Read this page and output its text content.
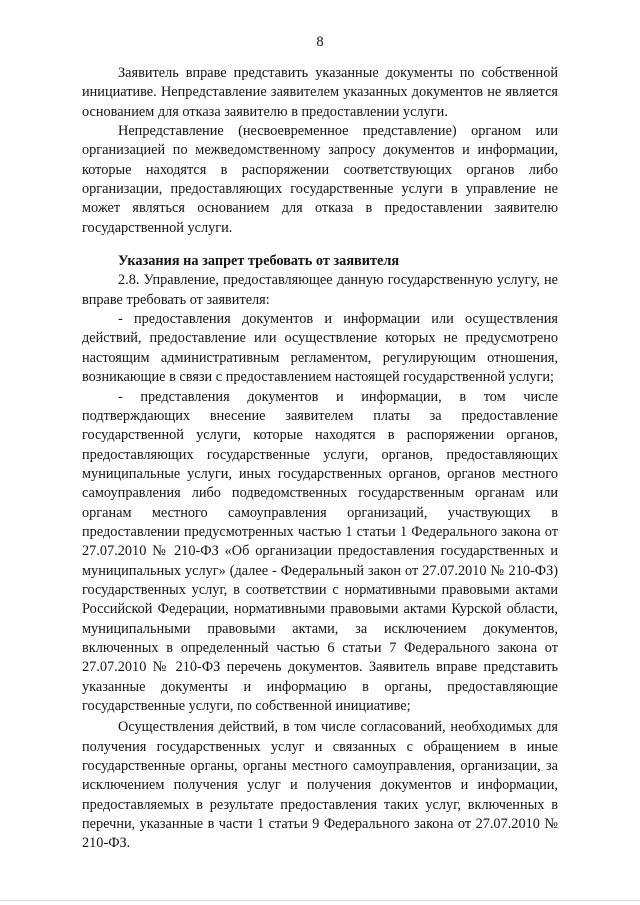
8

Заявитель вправе представить указанные документы по собственной инициативе. Непредставление заявителем указанных документов не является основанием для отказа заявителю в предоставлении услуги.

Непредставление (несвоевременное представление) органом или организацией по межведомственному запросу документов и информации, которые находятся в распоряжении соответствующих органов либо организации, предоставляющих государственные услуги в управление не может являться основанием для отказа в предоставлении заявителю государственной услуги.

Указания на запрет требовать от заявителя

2.8. Управление, предоставляющее данную государственную услугу, не вправе требовать от заявителя:

- предоставления документов и информации или осуществления действий, предоставление или осуществление которых не предусмотрено настоящим административным регламентом, регулирующим отношения, возникающие в связи с предоставлением настоящей государственной услуги;

- представления документов и информации, в том числе подтверждающих внесение заявителем платы за предоставление государственной услуги, которые находятся в распоряжении органов, предоставляющих государственные услуги, органов, предоставляющих муниципальные услуги, иных государственных органов, органов местного самоуправления либо подведомственных государственным органам или органам местного самоуправления организаций, участвующих в предоставлении предусмотренных частью 1 статьи 1 Федерального закона от 27.07.2010 № 210-ФЗ «Об организации предоставления государственных и муниципальных услуг» (далее - Федеральный закон от 27.07.2010 № 210-ФЗ) государственных услуг, в соответствии с нормативными правовыми актами Российской Федерации, нормативными правовыми актами Курской области, муниципальными правовыми актами, за исключением документов, включенных в определенный частью 6 статьи 7 Федерального закона от 27.07.2010 № 210-ФЗ перечень документов. Заявитель вправе представить указанные документы и информацию в органы, предоставляющие государственные услуги, по собственной инициативе;

Осуществления действий, в том числе согласований, необходимых для получения государственных услуг и связанных с обращением в иные государственные органы, органы местного самоуправления, организации, за исключением получения услуг и получения документов и информации, предоставляемых в результате предоставления таких услуг, включенных в перечни, указанные в части 1 статьи 9 Федерального закона от 27.07.2010 № 210-ФЗ.
